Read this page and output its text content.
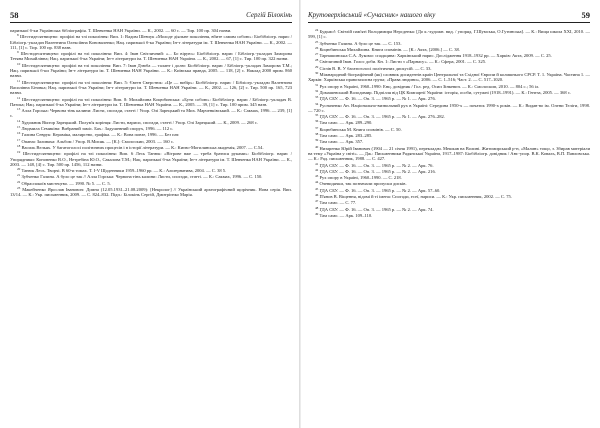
58	Сергій Білокінь

паризької б-ки Українська бібліографія. Т. Шевченка НАН України. — К., 2002. — 60 с. — Тир. 100 пр. 304 назви.

$^8$ Шестидесятництво: профілі на тлі покоління: Вип. 1: Вадим Шевчук «Молоде діяльне покоління, вбите самим собою»: Біобібліогр. нарис / Бібліогр.-укладач Валентина Олексіївна Коноваленко; Нац. паризької б-ка України; Ін-т літератури ім. Т. Шевченка НАН України. — К., 2002. — 111, [1] с. Тир. 100 пр. 838 назв.

$^9$ Шестидесятництво: профілі на тлі покоління: Вип. 4: Іван Світличний: «... Бо вірую»: Біобібліогр. нарис / Бібліогр.-укладач Заморова Тетяна Михайлівна; Нац. паризької б-ка України; Ін-т літератури ім. Т. Шевченка НАН України. — К., 2002. — 67, [1] с. Тир. 100 пр. 322 назви.

$^{10}$ Шестидесятництво: профілі на тлі покоління: Вип. 7: Іван Дзюба — талант і долю: Біобібліогр. нарис / Бібліогр.-укладач Заморова Т.М.; Нац. паризької б-ки України; Ін-т літератури ім. Т. Шевченка НАН України. — К.: Київська правда, 2005. — 118, [2] с. Наклад 2000 прим. 860 назви.

$^{11}$ Шестидесятництво: профілі на тлі покоління: Вип. 5: Євген Сверстюк: «Це — вибір»: Біобібліогр. нарис / Бібліогр.-укладач Валентина Василівна Бітовка; Нац. паризької б-ка України; Ін-т літератури ім. Т. Шевченка НАН України. — К., 2002. — 126, [2] с. Тир. 500 пр. 165, 723 назви.

$^{12}$ Шестидесятництво: профілі на тлі покоління: Вип. 8: Михайлина Коцюбинська: «Бути собою»: Біобібліогр. нарис / Бібліогр.-укладач В. Патока; Нац. паризької б-ка України; Ін-т літератури ім. Т. Шевченка НАН України. — К., 2005. — 39, [1] с. Тир. 100 прим. 345 назв.

$^{13}$ Алла Горська: Червона тінь калини: Листи, спогади, статті / Упор. Олі Зарецький та Мих. Марченківський. — К.: Сакмах, 1996. — 239, [1] с.

$^{14}$ Художник Віктор Зарецький. Полум'я корінця: Листи, нариси, спогади, статті / Упор. Олі Зарецький. — К., 2009. — 268 с.

$^{15}$ Людмила Семикіна: Вибраний заміс. Бах.: Задушевний спорух, 1996. — 112 с.

$^{16}$ Галина Севрук: Кераміка, малярство, графіка. — К.: Вона повзе, 1996. — Без пат.

$^{17}$ Опанас Заливаха: Альбом / Упор. В.Мисяк. — [К.]: Смолоскип, 2003. — 160 с.

$^{18}$ Василь Вельях. У багатоголосі політичних процесів і в історії літератури. — К.: Києво-Могилянська академія, 2007. — С.54.

$^{19}$ Шестидесятництво: профілі на тлі покоління: Вип. 6 Лесь Танюк: «Вітрове вже — треба братися руками»: Біобібліогр. нарис / Упорядники: Коновенко В.О., Нетребіна Ю.О., Сакалова Т.М.; Нац. паризької б-ка України; Ін-т літератури ім. Т. Шевченка НАН України. — К., 2003. — 148, [4] с. Тир. 500 пр. 1456, 112 назви.

$^{20}$ Танюк Лесь. Творчі. В 60-и томах. Т. I-V Щоденники 1959–1960 рр. — К.: Альтернатива, 2004. — С. 38 5.

$^{21}$ Зубченко Галина. А було це так // Алла Горська: Червона тінь калини: Листи, спогади, статті. — К.: Сакмах, 1996. — С. 150.

$^{22}$ Обраспокоїв мистецтво. — 1990. № 5. — С. 5.

$^{23}$ Макейченко Ярослав Іванович: Домна (12.05.1931–21.08.2009): [Некролог] // Український археографічний щорічник. Нова серія. Вип. 13/14. — К.: Укр. письменник, 2009. — С. 824–832. Підп.: Білокінь Сергій, Дмитрієнко Марія.

Крутоверхівський «Сучасник» нашого віку	59

$^{24}$ Будьмо!: Світлій пам'яті Володимира Нерсденка: [До к.-художн. вид. / упоряд. Г.Шумська, О.Гутинська]. — К.: Вища школа XXI, 2010. — 599, [1] с.

$^{25}$ Зубченко Галина. А було це так. — С. 153.

$^{26}$ Коцюбинська Михайлина. Книга спомінів. — [К.: Акта, [2006.] — С. 38.

$^{27}$ Тарнашинська С.А. Лукомо: спадщина: Харківський нарис. Дослідження 1918–1932 рр. — Харків: Акта, 2009. — С. 25.

$^{28}$ Світличний Іван. Голос доби. Кн. 1: Листи з «Парнасу». — К.: Сфера, 2001. — С. 325.

$^{29}$ Сіглів В. В. У багатоголосі політичних дискусій. — С. 33.

$^{30}$ Міжнародний біографічний (як) словник дисидентів країн Центральної та Східної Європи й колишнього СРСР. Т. 1. Україна. Частина 1. — Харків: Харківська правозахисна група; «Права людини», 2006. — С. 1–516; Част. 2. — С. 517–1020.

$^{31}$ Рух опору в Україні, 1960–1990: Енц. довідник / Гол. ред. Осип Зінкевич. — К.: Смолоскип, 2010. — 804 с.; 56 іл.

$^{32}$ Домашевський Володимир. Підпілля від ЦК Компартії України: історія, особи, сутужні (1918–1991). — К.: Генеза, 2005. — 368 с.

$^{33}$ ГДА СБУ. — Ф. 16. — Оп. 3. — 1965 р. — № 1. — Арк. 276.

$^{34}$ Русначенко Ан. Національно-визвольний рух в Україні: Середина 1950-х — початок 1990-х років. — К.: Видав-во ім. Олени Теліги, 1998. — 720 с.

$^{35}$ ГДА СБУ. — Ф. 16. — Оп. 3. — 1965 р. — № 1. — Арк. 276–282.

$^{36}$ Там само. — Арк. 289–290.

$^{37}$ Коцюбинська М. Книга спомінів. — С. 50.

$^{38}$ Там само. — Арк. 283–285.

$^{39}$ Там само. — Арк. 357.

$^{40}$ Низаренко Юрій Іванович (1904 — 21 січня 1991), перекладач. Мешкав на Волині. Житомирський р-н, «Малин» тощо, з. Збирав матеріали на тему «Україна у світі». — Дж.: Письменники Радянської України, 1917–1987: Біобібліогр. довідник / Авт.-упор. В.К. Коваль, В.П. Павловська. — К.: Рад. письменник, 1988. — С. 427.

$^{41}$ ГДА СБУ. — Ф. 16. — Оп. 3. — 1965 р. — № 2. — Арк. 76.

$^{42}$ ГДА СБУ. — Ф. 16. — Оп. 3. — 1965 р. — № 2. — Арк. 216.

$^{43}$ Рух опору в Україні, 1960–1990. — С. 218.

$^{44}$ Очевидячки, так позначали пропуски дисків.

$^{45}$ ГДА СБУ. — Ф. 16. — Оп. 3. — 1965 р. — № 2. — Арк. 57–60.

$^{46}$ П'янов В. Віщення, відомі й ті імена: Спогади, есеї, нариси. — К.: Укр. письменник, 2002. — С. 75.

$^{47}$ Там само. — С. 77.

$^{48}$ ГДА СБУ. — Ф. 16. — Оп. 3. — 1965 р. — № 2. — Арк. 74.

$^{49}$ Там само. — Арк. 109–110.
